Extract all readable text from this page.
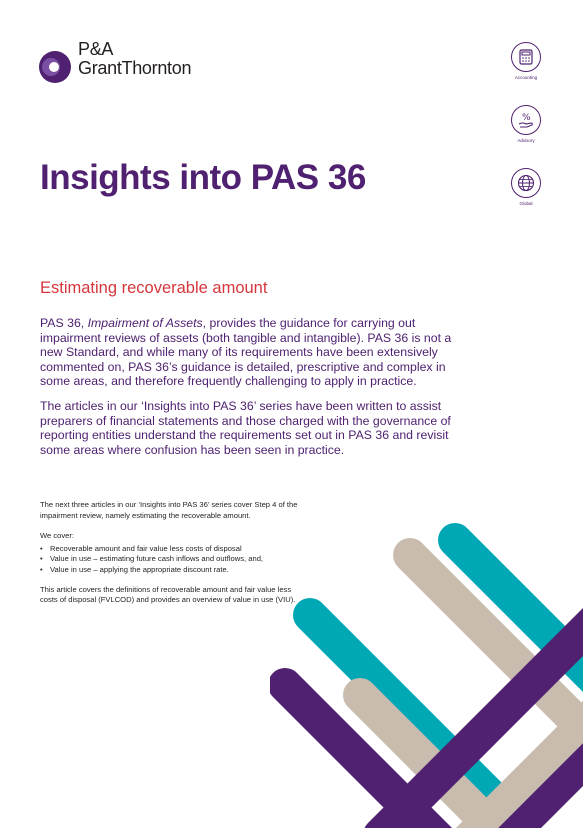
P&A
GrantThornton	Accounting
%
Advisory
Global
Insights into PAS 36
Estimating recoverable amount

PAS 36, Impairment of Assets, provides the guidance for carrying out impairment reviews of assets (both tangible and intangible). PAS 36 is not a new Standard, and while many of its requirements have been extensively commented on, PAS 36’s guidance is detailed, prescriptive and complex in some areas, and therefore frequently challenging to apply in practice.

The articles in our ‘Insights into PAS 36’ series have been written to assist preparers of financial statements and those charged with the governance of reporting entities understand the requirements set out in PAS 36 and revisit some areas where confusion has been seen in practice.

The next three articles in our ‘Insights into PAS 36’ series cover Step 4 of the impairment review, namely estimating the recoverable amount.

We cover:

• Recoverable amount and fair value less costs of disposal
• Value in use – estimating future cash inflows and outflows, and,
• Value in use – applying the appropriate discount rate.

This article covers the definitions of recoverable amount and fair value less costs of disposal (FVLCOD) and provides an overview of value in use (VIU).
